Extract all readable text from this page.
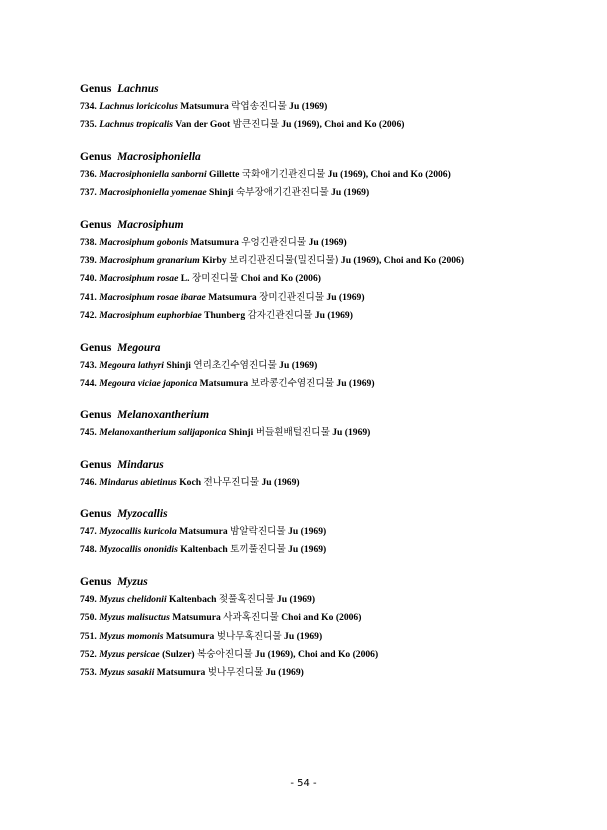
Genus Lachnus
734. Lachnus loricicolus Matsumura 락엽송진디물 Ju (1969)
735. Lachnus tropicalis Van der Goot 밤큰진디물 Ju (1969), Choi and Ko (2006)
Genus Macrosiphoniella
736. Macrosiphoniella sanborni Gillette 국화애기긴관진디물 Ju (1969), Choi and Ko (2006)
737. Macrosiphoniella yomenae Shinji 숙부장애기긴관진디물 Ju (1969)
Genus Macrosiphum
738. Macrosiphum gobonis Matsumura 우엉긴관진디물 Ju (1969)
739. Macrosiphum granarium Kirby 보리긴관진디물(밀진디물) Ju (1969), Choi and Ko (2006)
740. Macrosiphum rosae L. 장미진디물 Choi and Ko (2006)
741. Macrosiphum rosae ibarae Matsumura 장미긴관진디물 Ju (1969)
742. Macrosiphum euphorbiae Thunberg 감자긴관진디물 Ju (1969)
Genus Megoura
743. Megoura lathyri Shinji 연리초긴수염진디물 Ju (1969)
744. Megoura viciae japonica Matsumura 보라콩긴수염진디물 Ju (1969)
Genus Melanoxantherium
745. Melanoxantherium salijaponica Shinji 버들흰배털진디물 Ju (1969)
Genus Mindarus
746. Mindarus abietinus Koch 전나무진디물 Ju (1969)
Genus Myzocallis
747. Myzocallis kuricola Matsumura 밤알락진디물 Ju (1969)
748. Myzocallis ononidis Kaltenbach 토끼풀진디물 Ju (1969)
Genus Myzus
749. Myzus chelidonii Kaltenbach 젖풀혹진디물 Ju (1969)
750. Myzus malisuctus Matsumura 사과혹진디물 Choi and Ko (2006)
751. Myzus momonis Matsumura 벚나무혹진디물 Ju (1969)
752. Myzus persicae (Sulzer) 복숭아진디물 Ju (1969), Choi and Ko (2006)
753. Myzus sasakii Matsumura 벚나무진디물 Ju (1969)
- 54 -
